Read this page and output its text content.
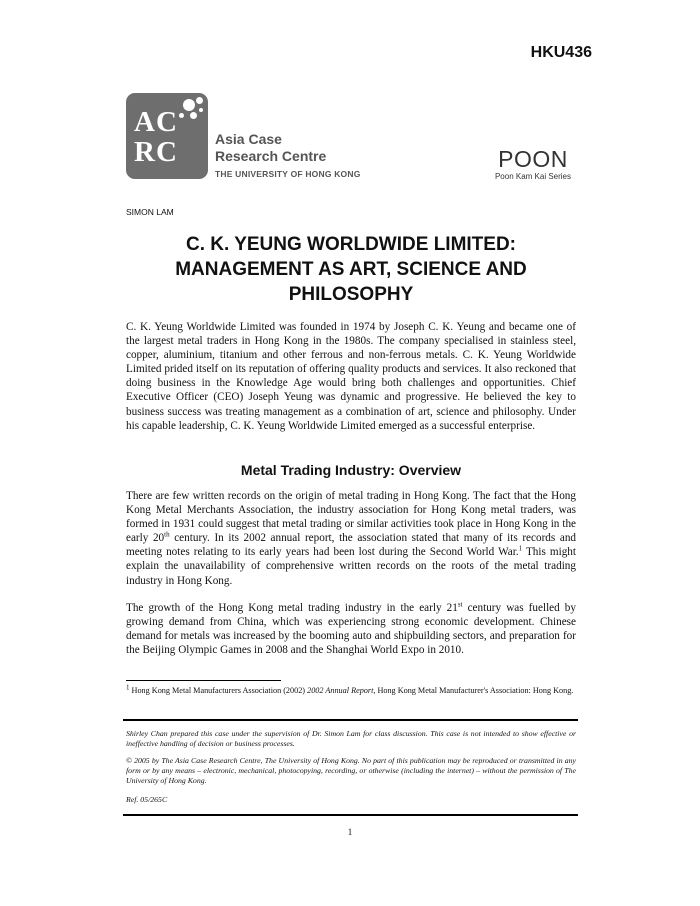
HKU436
AC
RC	Asia Case
Research Centre
THE UNIVERSITY OF HONG KONG
POON
Poon Kam Kai Series
SIMON LAM
C. K. YEUNG WORLDWIDE LIMITED:
MANAGEMENT AS ART, SCIENCE AND
PHILOSOPHY

C. K. Yeung Worldwide Limited was founded in 1974 by Joseph C. K. Yeung and became one of the largest metal traders in Hong Kong in the 1980s. The company specialised in stainless steel, copper, aluminium, titanium and other ferrous and non-ferrous metals. C. K. Yeung Worldwide Limited prided itself on its reputation of offering quality products and services. It also reckoned that doing business in the Knowledge Age would bring both challenges and opportunities. Chief Executive Officer (CEO) Joseph Yeung was dynamic and progressive. He believed the key to business success was treating management as a combination of art, science and philosophy. Under his capable leadership, C. K. Yeung Worldwide Limited emerged as a successful enterprise.

Metal Trading Industry: Overview

There are few written records on the origin of metal trading in Hong Kong. The fact that the Hong Kong Metal Merchants Association, the industry association for Hong Kong metal traders, was formed in 1931 could suggest that metal trading or similar activities took place in Hong Kong in the early 20th century. In its 2002 annual report, the association stated that many of its records and meeting notes relating to its early years had been lost during the Second World War.$^1$ This might explain the unavailability of comprehensive written records on the roots of the metal trading industry in Hong Kong.

The growth of the Hong Kong metal trading industry in the early 21st century was fuelled by growing demand from China, which was experiencing strong economic development. Chinese demand for metals was increased by the booming auto and shipbuilding sectors, and preparation for the Beijing Olympic Games in 2008 and the Shanghai World Expo in 2010.

$^1$ Hong Kong Metal Manufacturers Association (2002) 2002 Annual Report, Hong Kong Metal Manufacturer's Association: Hong Kong.

Shirley Chan prepared this case under the supervision of Dr. Simon Lam for class discussion. This case is not intended to show effective or ineffective handling of decision or business processes.

© 2005 by The Asia Case Research Centre, The University of Hong Kong. No part of this publication may be reproduced or transmitted in any form or by any means – electronic, mechanical, photocopying, recording, or otherwise (including the internet) – without the permission of The University of Hong Kong.

Ref. 05/265C

1
